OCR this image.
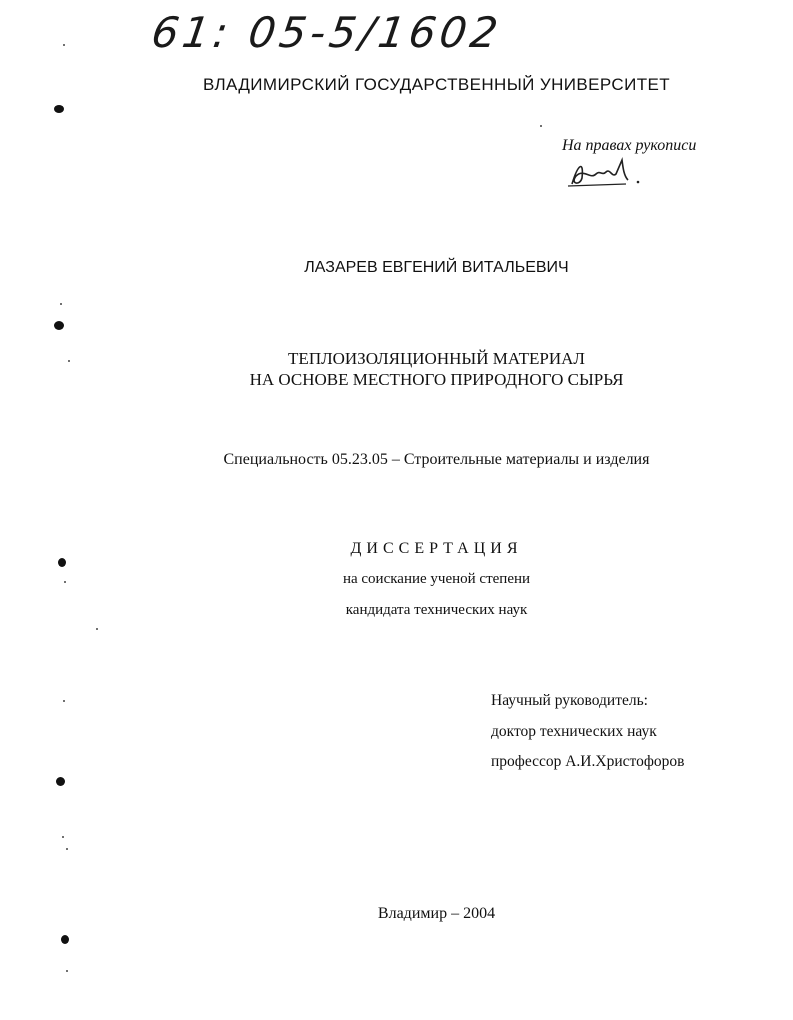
61: 05-5/1602
ВЛАДИМИРСКИЙ ГОСУДАРСТВЕННЫЙ УНИВЕРСИТЕТ
На правах рукописи
ЛАЗАРЕВ ЕВГЕНИЙ ВИТАЛЬЕВИЧ
ТЕПЛОИЗОЛЯЦИОННЫЙ МАТЕРИАЛ
НА ОСНОВЕ МЕСТНОГО ПРИРОДНОГО СЫРЬЯ
Специальность 05.23.05 – Строительные материалы и изделия
ДИССЕРТАЦИЯ
на соискание ученой степени
кандидата технических наук
Научный руководитель:
доктор технических наук
профессор А.И.Христофоров
Владимир – 2004
